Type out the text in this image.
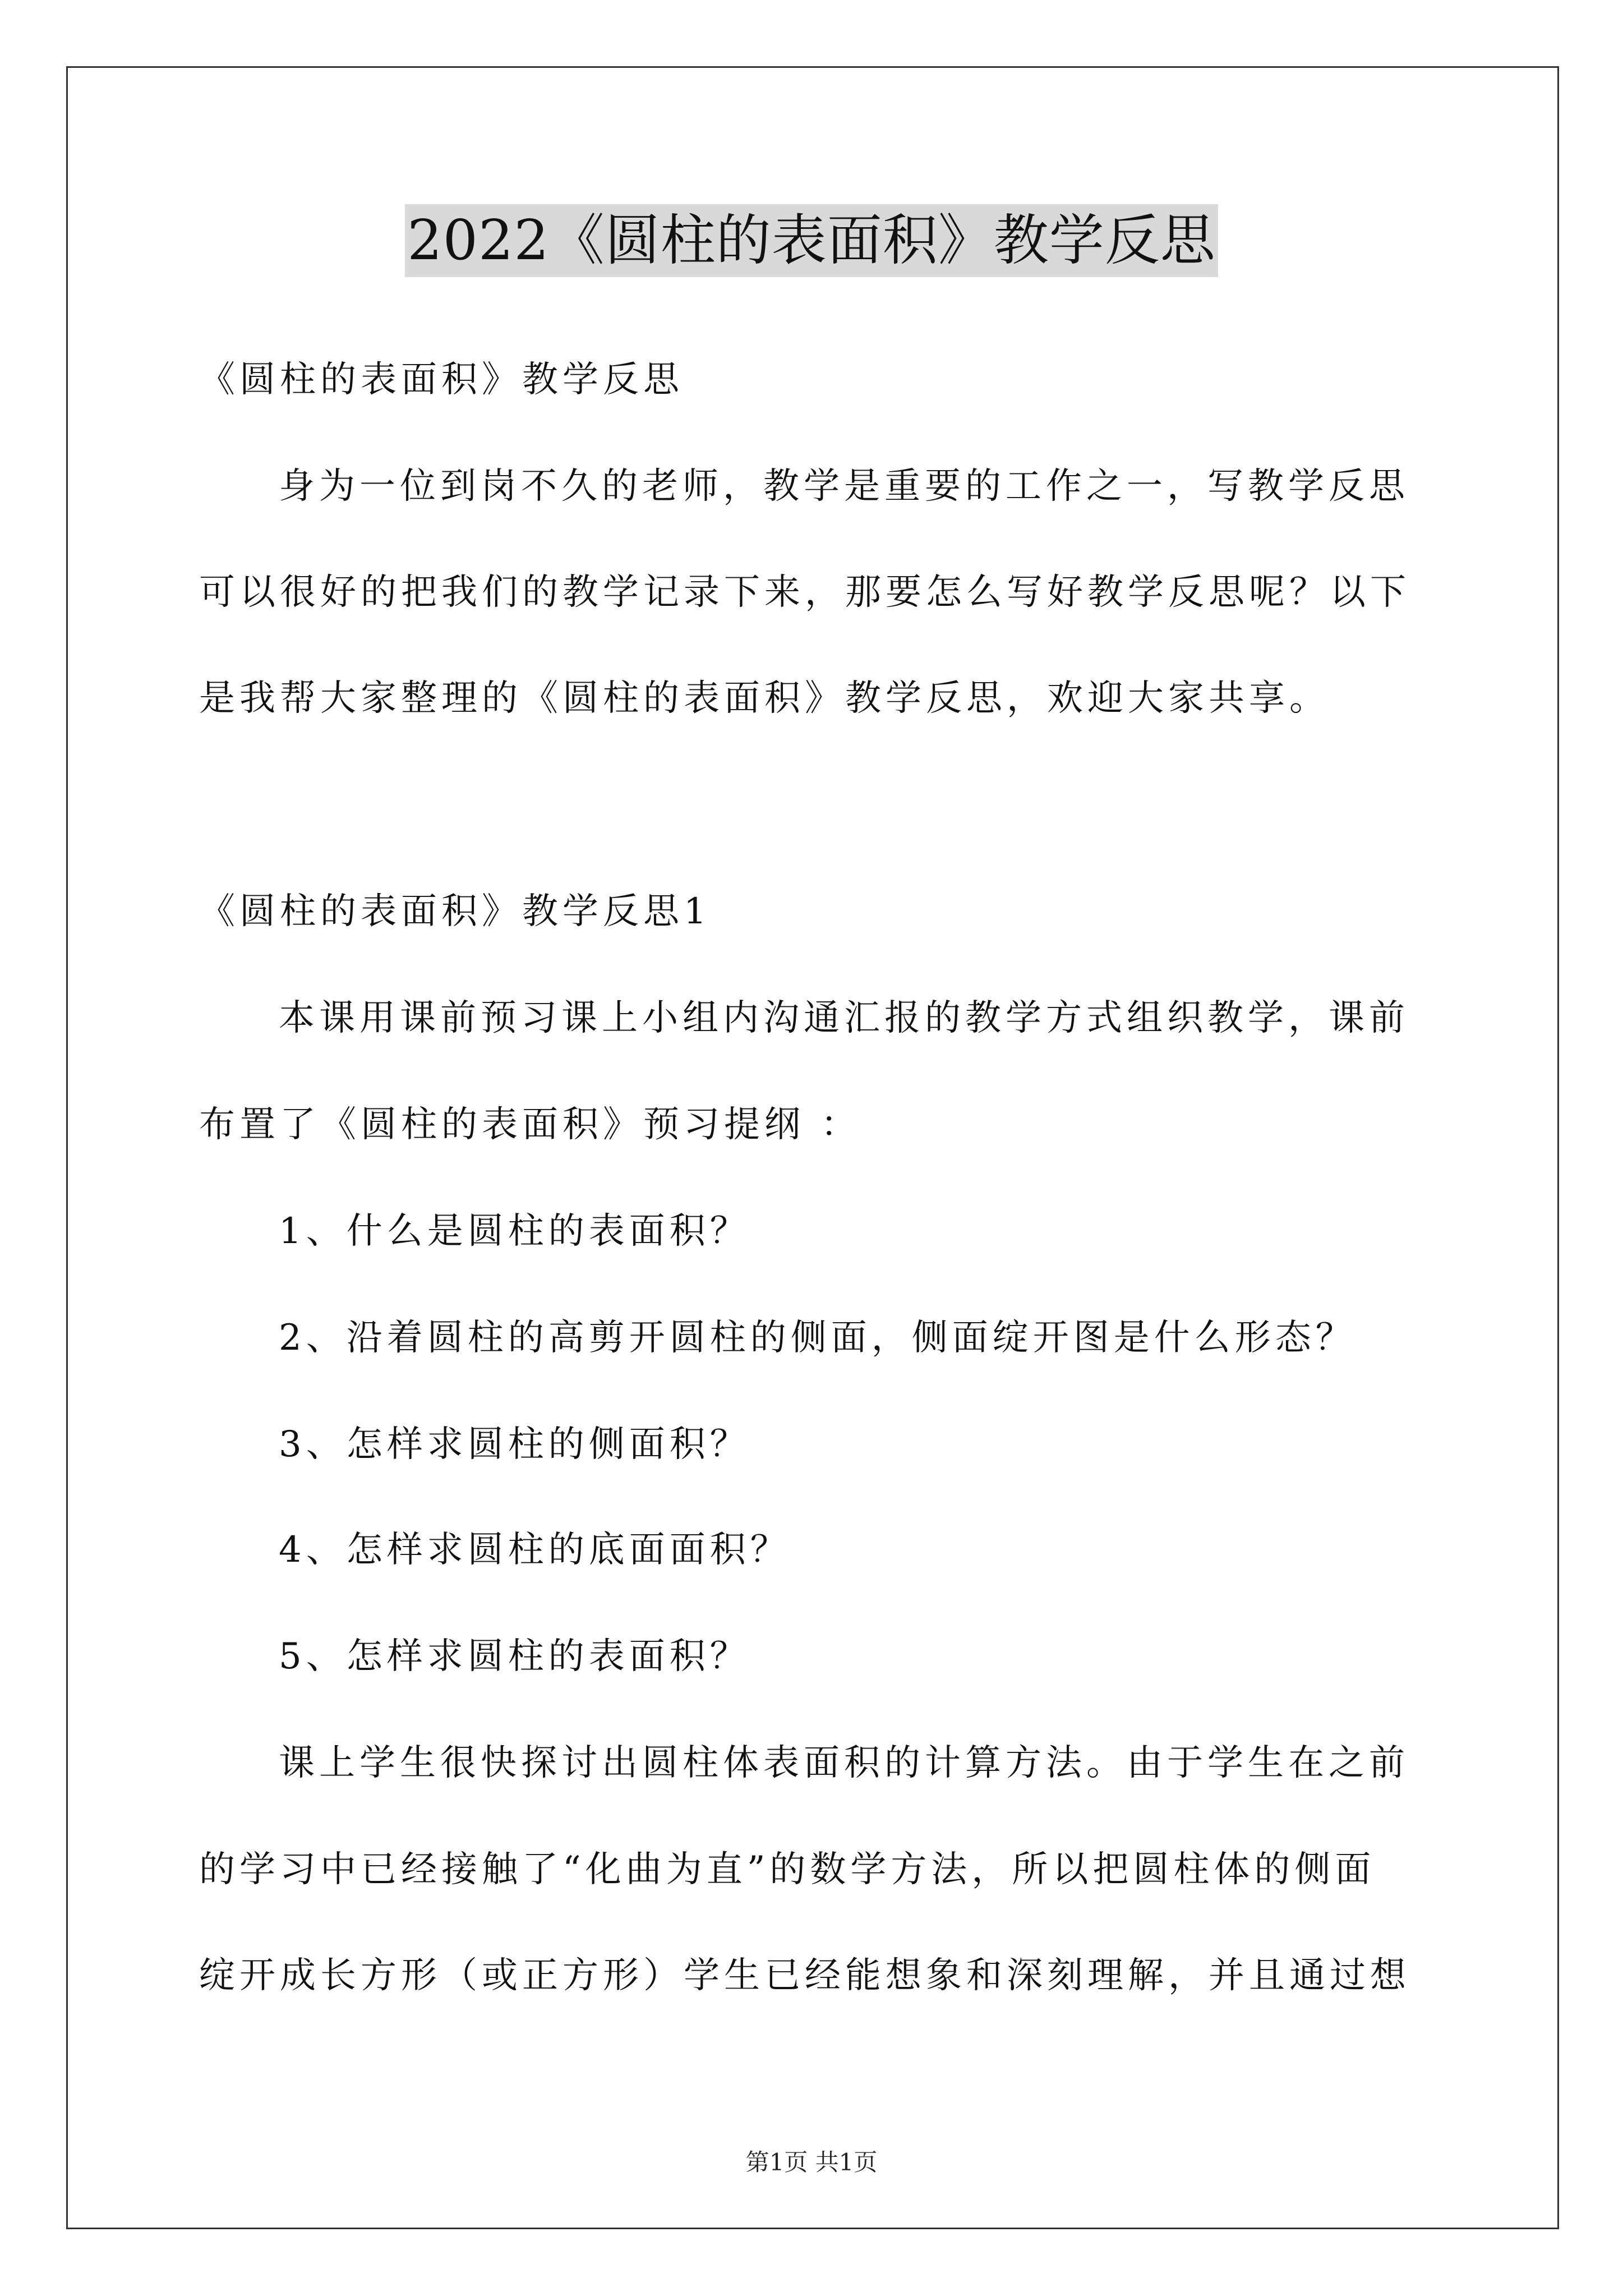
2022《圆柱的表面积》教学反思
《圆柱的表面积》教学反思
身为一位到岗不久的老师，教学是重要的工作之一，写教学反思
可以很好的把我们的教学记录下来，那要怎么写好教学反思呢？以下
是我帮大家整理的《圆柱的表面积》教学反思，欢迎大家共享。
《圆柱的表面积》教学反思1
本课用课前预习课上小组内沟通汇报的教学方式组织教学，课前
布置了《圆柱的表面积》预习提纲 ：
1、什么是圆柱的表面积？
2、沿着圆柱的高剪开圆柱的侧面，侧面绽开图是什么形态？
3、怎样求圆柱的侧面积？
4、怎样求圆柱的底面面积？
5、怎样求圆柱的表面积？
课上学生很快探讨出圆柱体表面积的计算方法。由于学生在之前
的学习中已经接触了“化曲为直”的数学方法，所以把圆柱体的侧面
绽开成长方形（或正方形）学生已经能想象和深刻理解，并且通过想
第1页 共1页
